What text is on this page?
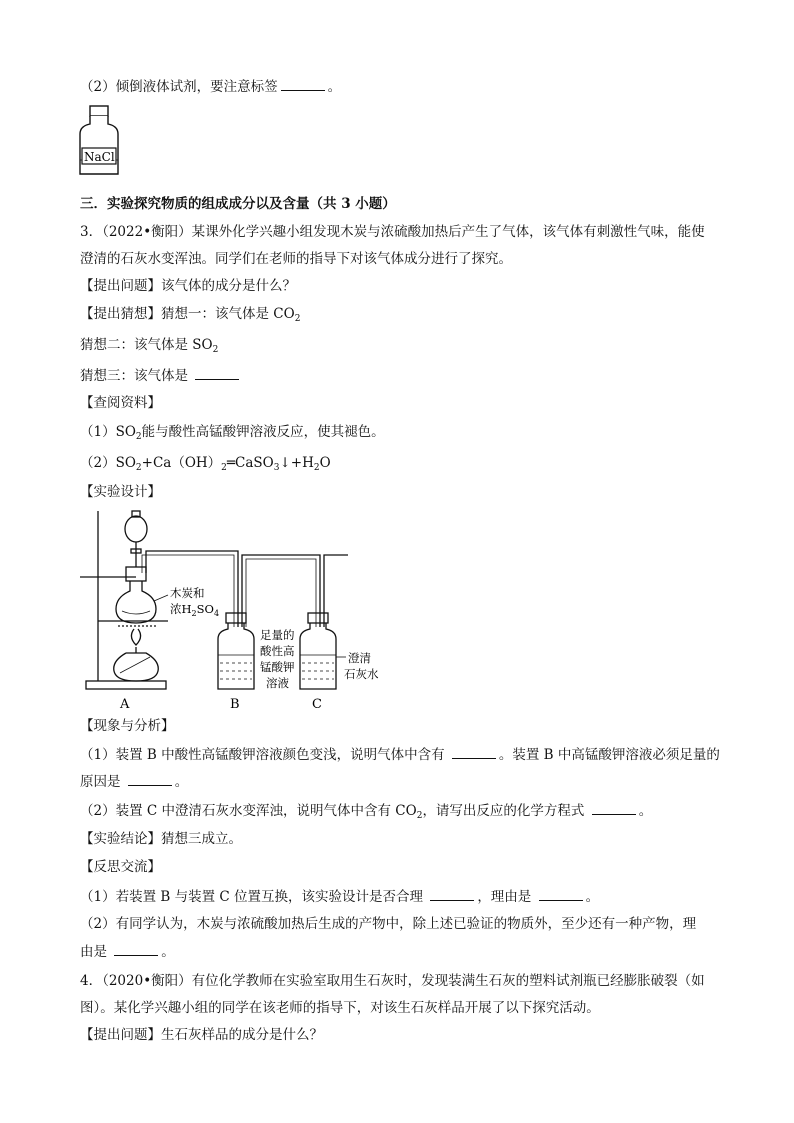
（2）倾倒液体试剂，要注意标签	。
NaCl
三．实验探究物质的组成成分以及含量（共 3 小题）
3．（2022•衡阳）某课外化学兴趣小组发现木炭与浓硫酸加热后产生了气体，该气体有刺激性气味，能使
澄清的石灰水变浑浊。同学们在老师的指导下对该气体成分进行了探究。
【提出问题】该气体的成分是什么？
【提出猜想】猜想一：该气体是 $CO_2$
猜想二：该气体是 $SO_2$
猜想三：该气体是
【查阅资料】
$(1)SO_2$能与酸性高锰酸钾溶液反应，使其褪色。
$(2)SO_2+Ca(OH)_2═CaSO_3↓+H_2O$
【实验设计】
A	B	C
木炭和
浓$H_2SO_4$
足量的
酸性高
锰酸钾
溶液
澄清
石灰水
【现象与分析】
（1）装置 B 中酸性高锰酸钾溶液颜色变浅，说明气体中含有	。装置 B 中高锰酸钾溶液必须足量的
原因是	。
（2）装置 C 中澄清石灰水变浑浊，说明气体中含有 $CO_2$，请写出反应的化学方程式	。
【实验结论】猜想三成立。
【反思交流】
（1）若装置 B 与装置 C 位置互换，该实验设计是否合理	，理由是	。
（2）有同学认为，木炭与浓硫酸加热后生成的产物中，除上述已验证的物质外，至少还有一种产物，理
由是	。
4．（2020•衡阳）有位化学教师在实验室取用生石灰时，发现装满生石灰的塑料试剂瓶已经膨胀破裂（如
图）。某化学兴趣小组的同学在该老师的指导下，对该生石灰样品开展了以下探究活动。
【提出问题】生石灰样品的成分是什么？
